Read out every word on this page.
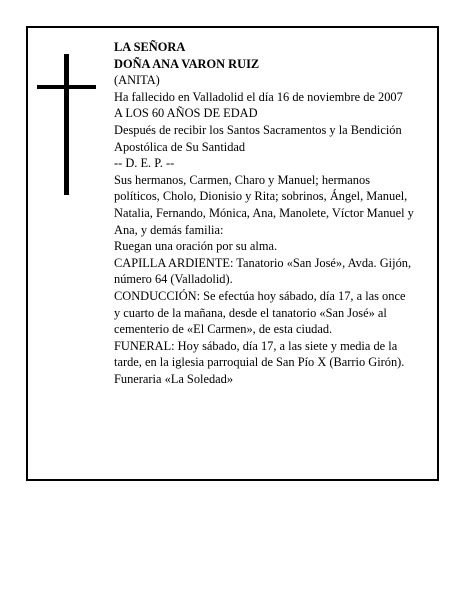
LA SEÑORA

DOÑA ANA VARON RUIZ

(ANITA)

Ha fallecido en Valladolid el día 16 de noviembre de 2007

A LOS 60 AÑOS DE EDAD

Después de recibir los Santos Sacramentos y la Bendición Apostólica de Su Santidad

-- D. E. P. --

Sus hermanos, Carmen, Charo y Manuel; hermanos políticos, Cholo, Dionisio y Rita; sobrinos, Ángel, Manuel, Natalia, Fernando, Mónica, Ana, Manolete, Víctor Manuel y Ana, y demás familia:

Ruegan una oración por su alma.

CAPILLA ARDIENTE: Tanatorio «San José», Avda. Gijón, número 64 (Valladolid).

CONDUCCIÓN: Se efectúa hoy sábado, día 17, a las once y cuarto de la mañana, desde el tanatorio «San José» al cementerio de «El Carmen», de esta ciudad.

FUNERAL: Hoy sábado, día 17, a las siete y media de la tarde, en la iglesia parroquial de San Pío X (Barrio Girón).

Funeraria «La Soledad»
